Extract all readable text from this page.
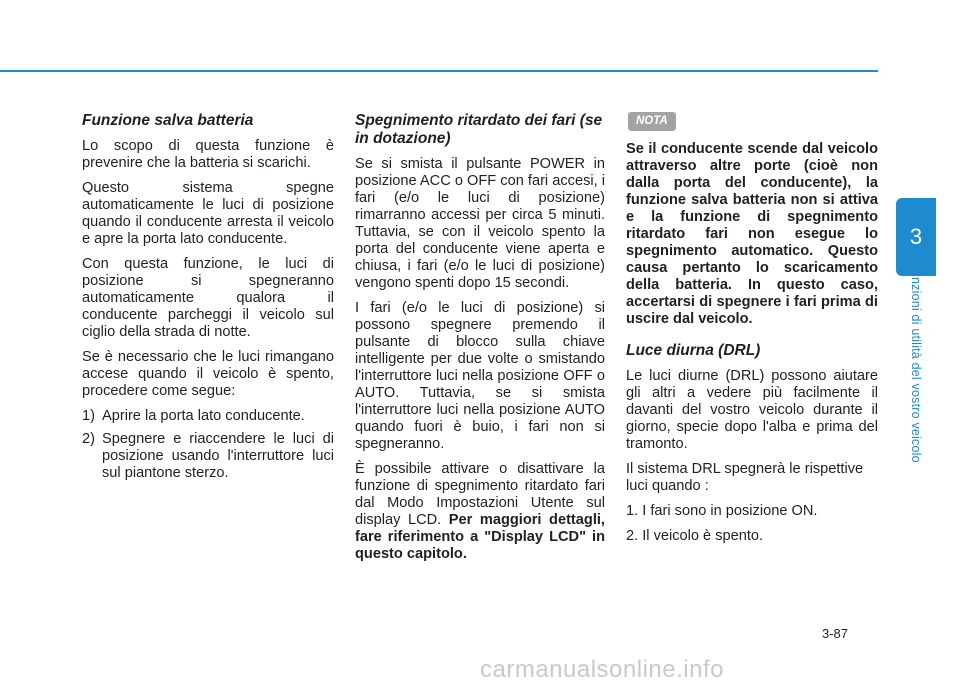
Funzione salva batteria

Lo scopo di questa funzione è prevenire che la batteria si scarichi.

Questo sistema spegne automaticamente le luci di posizione quando il conducente arresta il veicolo e apre la porta lato conducente.

Con questa funzione, le luci di posizione si spegneranno automaticamente qualora il conducente parcheggi il veicolo sul ciglio della strada di notte.

Se è necessario che le luci rimangano accese quando il veicolo è spento, procedere come segue:

1) Aprire la porta lato conducente.
2) Spegnere e riaccendere le luci di posizione usando l'interruttore luci sul piantone sterzo.
Spegnimento ritardato dei fari (se in dotazione)

Se si smista il pulsante POWER in posizione ACC o OFF con fari accesi, i fari (e/o le luci di posizione) rimarranno accessi per circa 5 minuti. Tuttavia, se con il veicolo spento la porta del conducente viene aperta e chiusa, i fari (e/o le luci di posizione) vengono spenti dopo 15 secondi.

I fari (e/o le luci di posizione) si possono spegnere premendo il pulsante di blocco sulla chiave intelligente per due volte o smistando l'interruttore luci nella posizione OFF o AUTO. Tuttavia, se si smista l'interruttore luci nella posizione AUTO quando fuori è buio, i fari non si spegneranno.

È possibile attivare o disattivare la funzione di spegnimento ritardato fari dal Modo Impostazioni Utente sul display LCD. Per maggiori dettagli, fare riferimento a "Display LCD" in questo capitolo.

NOTA

Se il conducente scende dal veicolo attraverso altre porte (cioè non dalla porta del conducente), la funzione salva batteria non si attiva e la funzione di spegnimento ritardato fari non esegue lo spegnimento automatico. Questo causa pertanto lo scaricamento della batteria. In questo caso, accertarsi di spegnere i fari prima di uscire dal veicolo.

Luce diurna (DRL)

Le luci diurne (DRL) possono aiutare gli altri a vedere più facilmente il davanti del vostro veicolo durante il giorno, specie dopo l'alba e prima del tramonto.

Il sistema DRL spegnerà le rispettive luci quando :

1. I fari sono in posizione ON.

2. Il veicolo è spento.

3
Funzioni di utilità del vostro veicolo
3-87
carmanualsonline.info
